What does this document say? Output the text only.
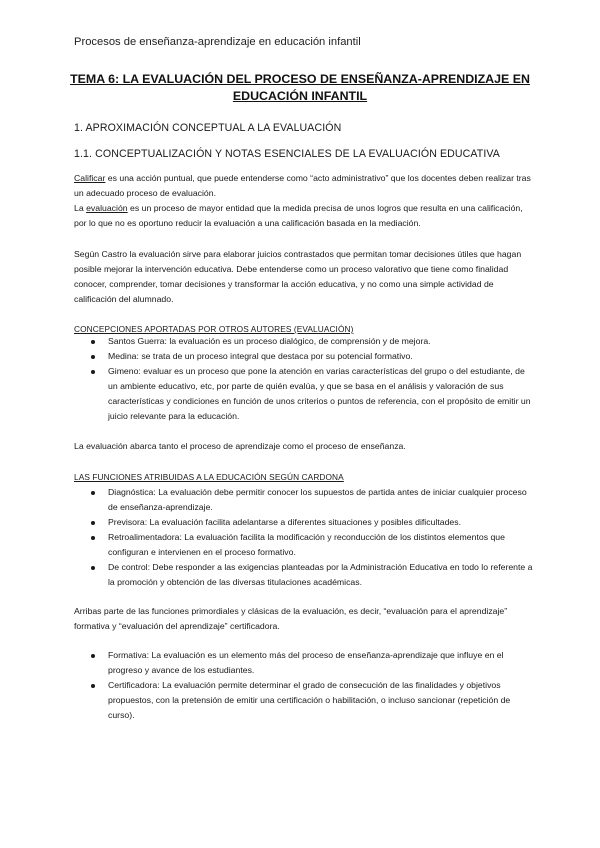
Procesos de enseñanza-aprendizaje en educación infantil
TEMA 6: LA EVALUACIÓN DEL PROCESO DE ENSEÑANZA-APRENDIZAJE EN
EDUCACIÓN INFANTIL
1. APROXIMACIÓN CONCEPTUAL A LA EVALUACIÓN
1.1. CONCEPTUALIZACIÓN Y NOTAS ESENCIALES DE LA EVALUACIÓN EDUCATIVA

Calificar es una acción puntual, que puede entenderse como “acto administrativo” que los docentes deben realizar tras un adecuado proceso de evaluación.

La evaluación es un proceso de mayor entidad que la medida precisa de unos logros que resulta en una calificación, por lo que no es oportuno reducir la evaluación a una calificación basada en la mediación.

Según Castro la evaluación sirve para elaborar juicios contrastados que permitan tomar decisiones útiles que hagan posible mejorar la intervención educativa. Debe entenderse como un proceso valorativo que tiene como finalidad conocer, comprender, tomar decisiones y transformar la acción educativa, y no como una simple actividad de calificación del alumnado.
CONCEPCIONES APORTADAS POR OTROS AUTORES (EVALUACIÓN)
Santos Guerra: la evaluación es un proceso dialógico, de comprensión y de mejora.
Medina: se trata de un proceso integral que destaca por su potencial formativo.
Gimeno: evaluar es un proceso que pone la atención en varias características del grupo o del estudiante, de un ambiente educativo, etc, por parte de quién evalúa, y que se basa en el análisis y valoración de sus características y condiciones en función de unos criterios o puntos de referencia, con el propósito de emitir un juicio relevante para la educación.
La evaluación abarca tanto el proceso de aprendizaje como el proceso de enseñanza.
LAS FUNCIONES ATRIBUIDAS A LA EDUCACIÓN SEGÚN CARDONA
Diagnóstica: La evaluación debe permitir conocer los supuestos de partida antes de iniciar cualquier proceso de enseñanza-aprendizaje.
Previsora: La evaluación facilita adelantarse a diferentes situaciones y posibles dificultades.
Retroalimentadora: La evaluación facilita la modificación y reconducción de los distintos elementos que configuran e intervienen en el proceso formativo.
De control: Debe responder a las exigencias planteadas por la Administración Educativa en todo lo referente a la promoción y obtención de las diversas titulaciones académicas.
Arribas parte de las funciones primordiales y clásicas de la evaluación, es decir, “evaluación para el aprendizaje” formativa y “evaluación del aprendizaje” certificadora.
Formativa: La evaluación es un elemento más del proceso de enseñanza-aprendizaje que influye en el progreso y avance de los estudiantes.
Certificadora: La evaluación permite determinar el grado de consecución de las finalidades y objetivos propuestos, con la pretensión de emitir una certificación o habilitación, o incluso sancionar (repetición de curso).
